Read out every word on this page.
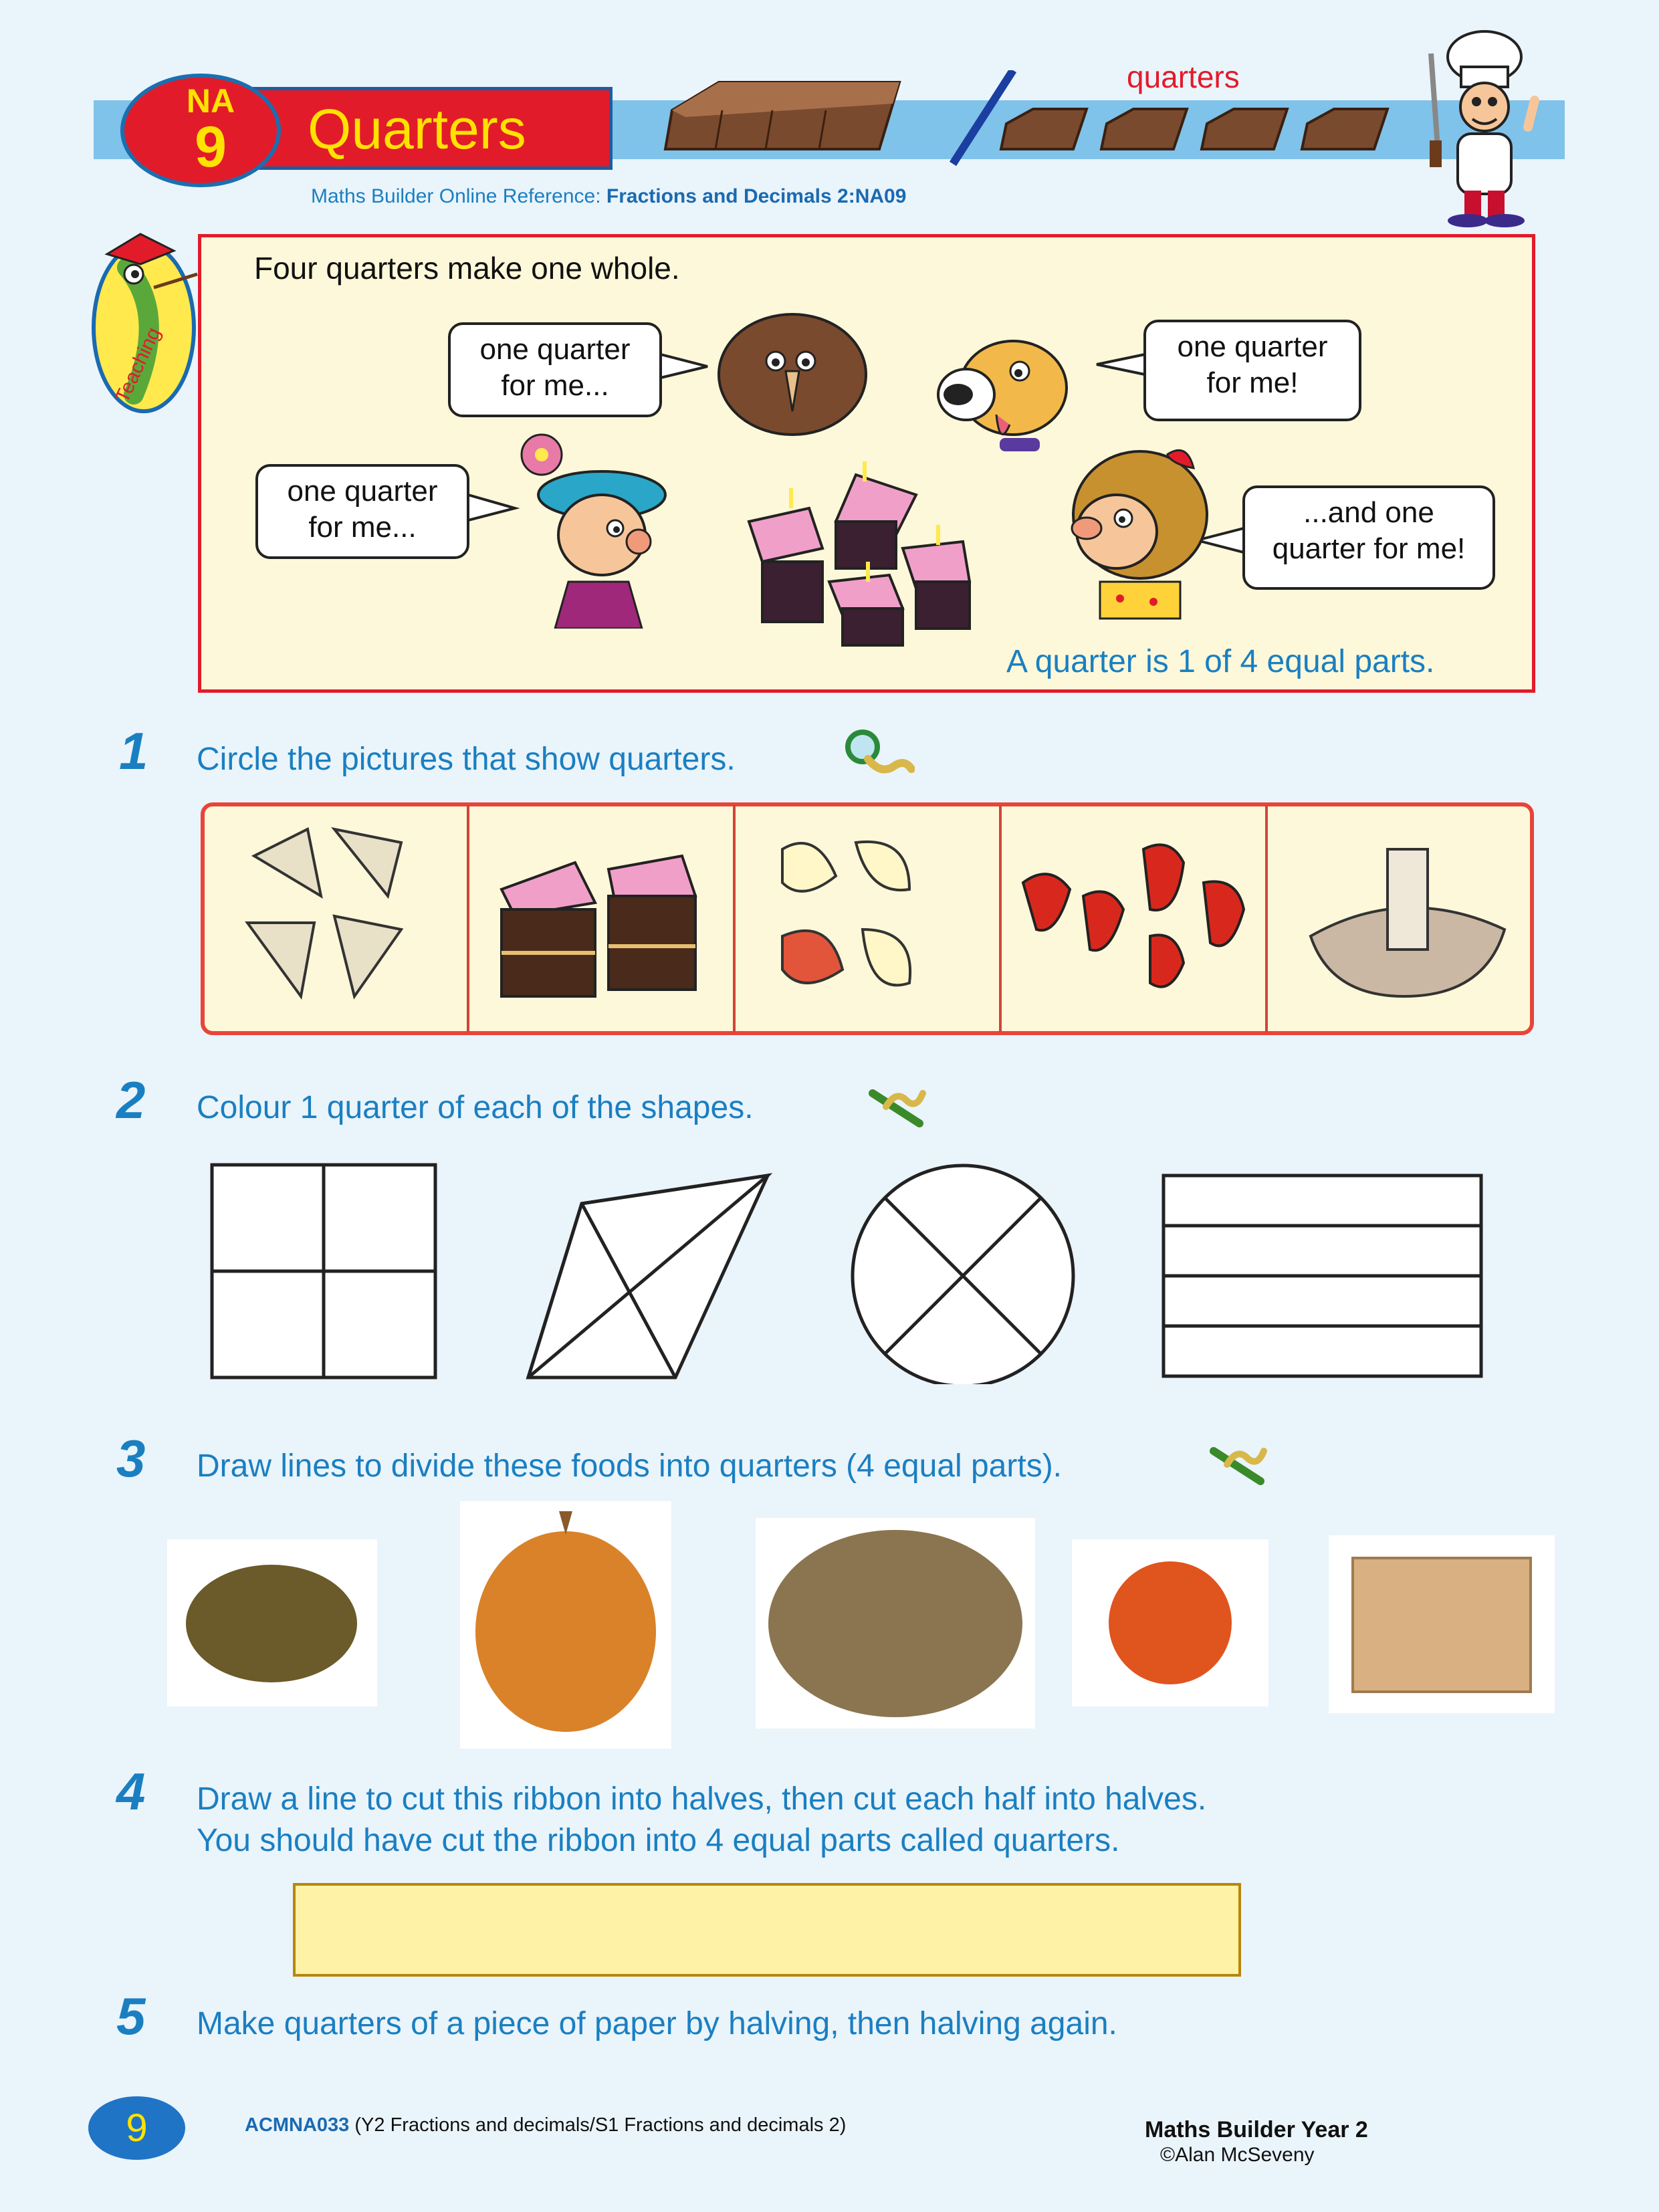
NA
9	Quarters
Maths Builder Online Reference: Fractions and Decimals 2:NA09
quarters
Teaching
Four quarters make one whole.
one quarter
for me...
one quarter
for me!
one quarter
for me...	...and one
quarter for me!
A quarter is 1 of 4 equal parts.
1 Circle the pictures that show quarters.
2 Colour 1 quarter of each of the shapes.
3 Draw lines to divide these foods into quarters (4 equal parts).
4 Draw a line to cut this ribbon into halves, then cut each half into halves.
You should have cut the ribbon into 4 equal parts called quarters.
5 Make quarters of a piece of paper by halving, then halving again.
9	ACMNA033 (Y2 Fractions and decimals/S1 Fractions and decimals 2)	Maths Builder Year 2
©Alan McSeveny
